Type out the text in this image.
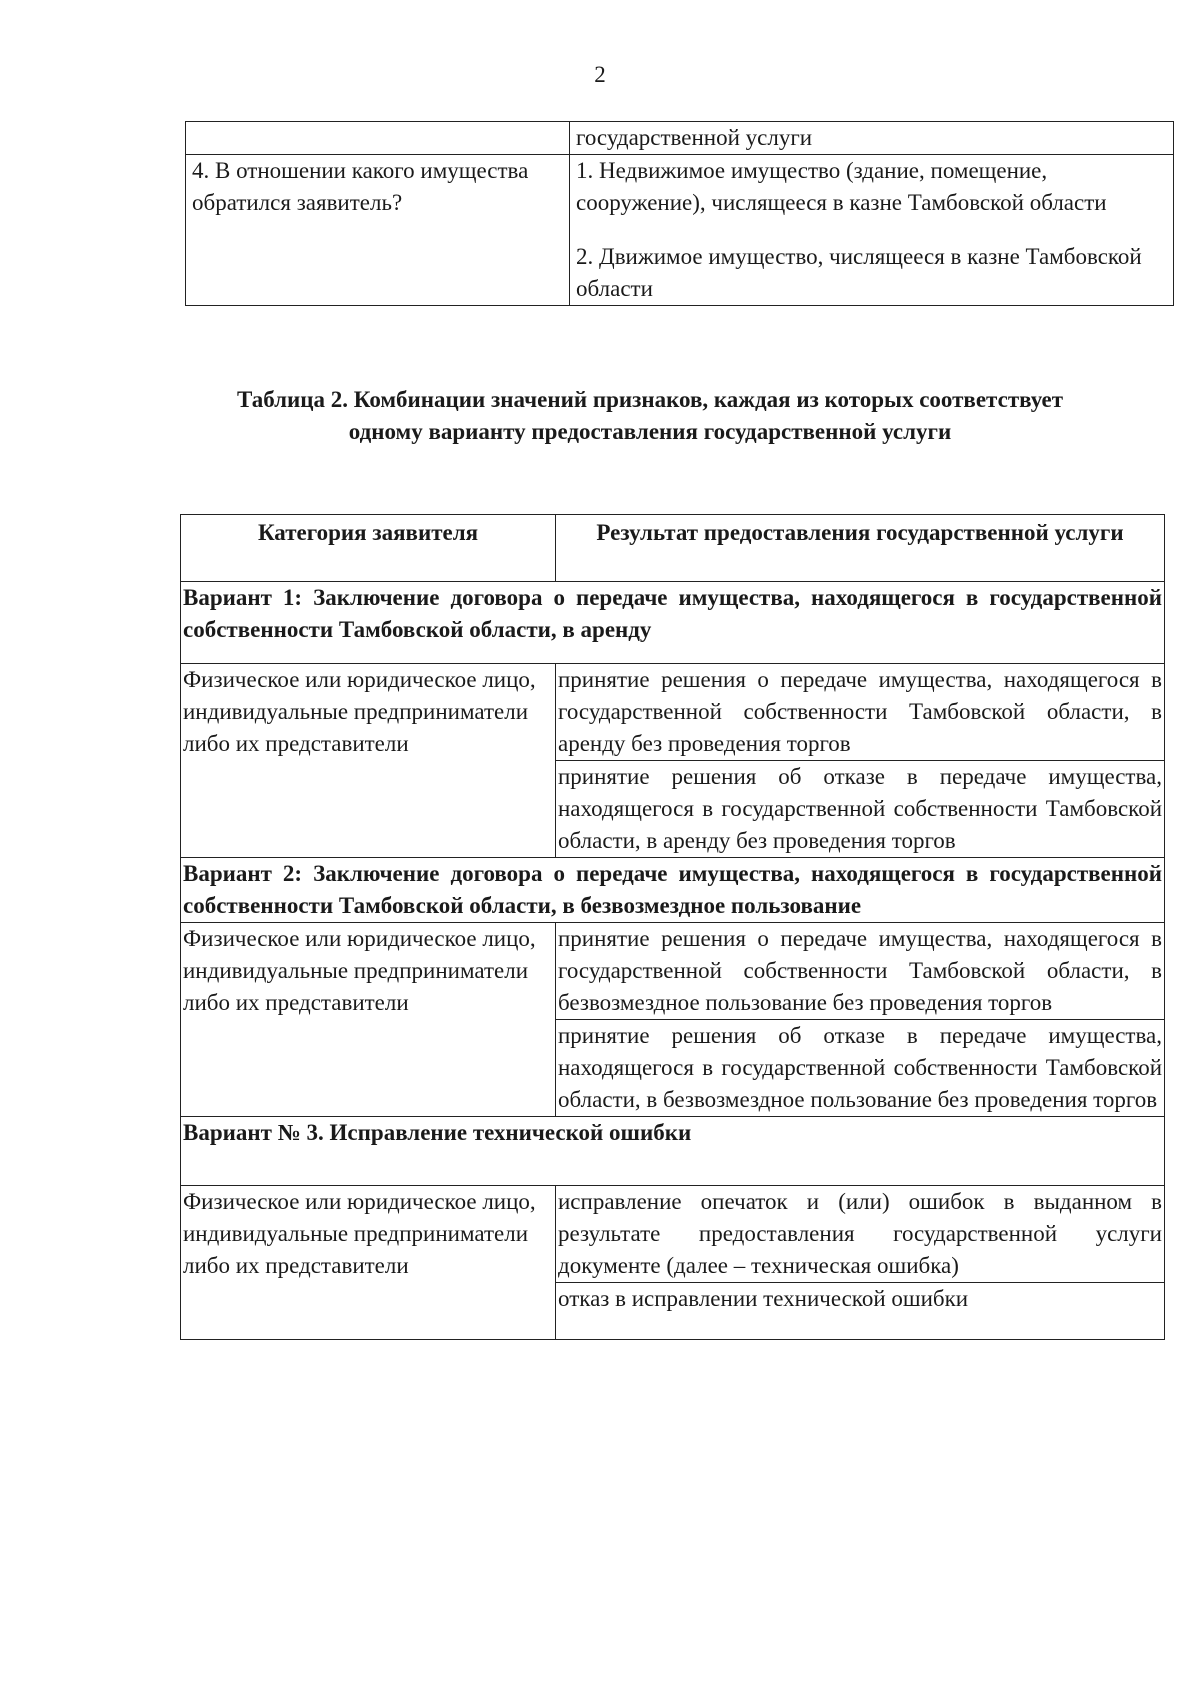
2
	государственной услуги
4. В отношении какого имущества обратился заявитель?	1. Недвижимое имущество (здание, помещение, сооружение), числящееся в казне Тамбовской области
2. Движимое имущество, числящееся в казне Тамбовской области
Таблица 2. Комбинации значений признаков, каждая из которых соответствует одному варианту предоставления государственной услуги
Категория заявителя	Результат предоставления государственной услуги
Вариант 1: Заключение договора о передаче имущества, находящегося в государственной собственности Тамбовской области, в аренду	
Физическое или юридическое лицо, индивидуальные предприниматели либо их представители	принятие решения о передаче имущества, находящегося в государственной собственности Тамбовской области, в аренду без проведения торгов
	принятие решения об отказе в передаче имущества, находящегося в государственной собственности Тамбовской области, в аренду без проведения торгов
Вариант 2: Заключение договора о передаче имущества, находящегося в государственной собственности Тамбовской области, в безвозмездное пользование	
Физическое или юридическое лицо, индивидуальные предприниматели либо их представители	принятие решения о передаче имущества, находящегося в государственной собственности Тамбовской области, в безвозмездное пользование без проведения торгов
	принятие решения об отказе в передаче имущества, находящегося в государственной собственности Тамбовской области, в безвозмездное пользование без проведения торгов
Вариант № 3. Исправление технической ошибки	
Физическое или юридическое лицо, индивидуальные предприниматели либо их представители	исправление опечаток и (или) ошибок в выданном в результате предоставления государственной услуги документе (далее – техническая ошибка)
	отказ в исправлении технической ошибки
